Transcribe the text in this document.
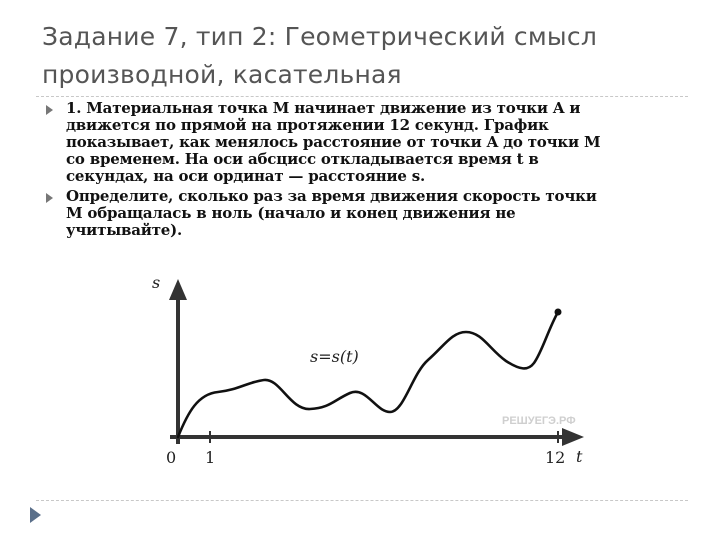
Задание 7, тип 2: Геометрический смысл
производной, касательная
1. Материальная точка M начинает движение из точки A и
движется по прямой на протяжении 12 секунд. График
показывает, как менялось расстояние от точки A до точки M
со временем. На оси абсцисс откладывается время t в
секундах, на оси ординат — расстояние s.
Определите, сколько раз за время движения скорость точки
M обращалась в ноль (начало и конец движения не
учитывайте).
РЕШУЕГЭ.РФ
s
t
0 1	12
s=s(t)
